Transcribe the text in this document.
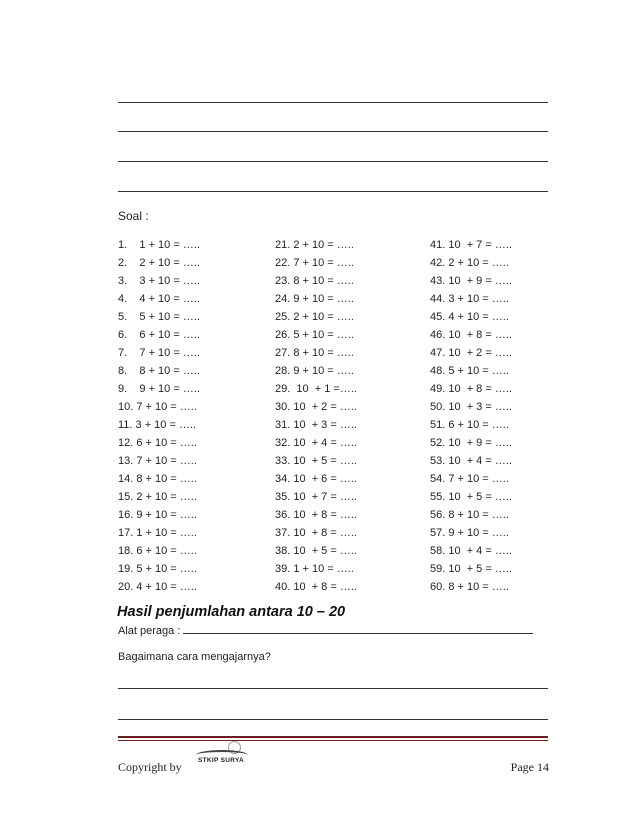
Soal :
1.    1 + 10 = …..
2.    2 + 10 = …..
3.    3 + 10 = …..
4.    4 + 10 = …..
5.    5 + 10 = …..
6.    6 + 10 = …..
7.    7 + 10 = …..
8.    8 + 10 = …..
9.    9 + 10 = …..
10. 7 + 10 = …..
11. 3 + 10 = …..
12. 6 + 10 = …..
13. 7 + 10 = …..
14. 8 + 10 = …..
15. 2 + 10 = …..
16. 9 + 10 = …..
17. 1 + 10 = …..
18. 6 + 10 = …..
19. 5 + 10 = …..
20. 4 + 10 = …..
21. 2 + 10 = …..
22. 7 + 10 = …..
23. 8 + 10 = …..
24. 9 + 10 = …..
25. 2 + 10 = …..
26. 5 + 10 = …..
27. 8 + 10 = …..
28. 9 + 10 = …..
29.  10  + 1 =…..
30. 10  + 2 = …..
31. 10  + 3 = …..
32. 10  + 4 = …..
33. 10  + 5 = …..
34. 10  + 6 = …..
35. 10  + 7 = …..
36. 10  + 8 = …..
37. 10  + 8 = …..
38. 10  + 5 = …..
39. 1 + 10 = …..
40. 10  + 8 = …..
41. 10  + 7 = …..
42. 2 + 10 = …..
43. 10  + 9 = …..
44. 3 + 10 = …..
45. 4 + 10 = …..
46. 10  + 8 = …..
47. 10  + 2 = …..
48. 5 + 10 = …..
49. 10  + 8 = …..
50. 10  + 3 = …..
51. 6 + 10 = …..
52. 10  + 9 = …..
53. 10  + 4 = …..
54. 7 + 10 = …..
55. 10  + 5 = …..
56. 8 + 10 = …..
57. 9 + 10 = …..
58. 10  + 4 = …..
59. 10  + 5 = …..
60. 8 + 10 = …..
Hasil penjumlahan antara 10 – 20
Alat peraga :
Bagaimana cara mengajarnya?
Copyright by	STKIP SURYA	Page 14
